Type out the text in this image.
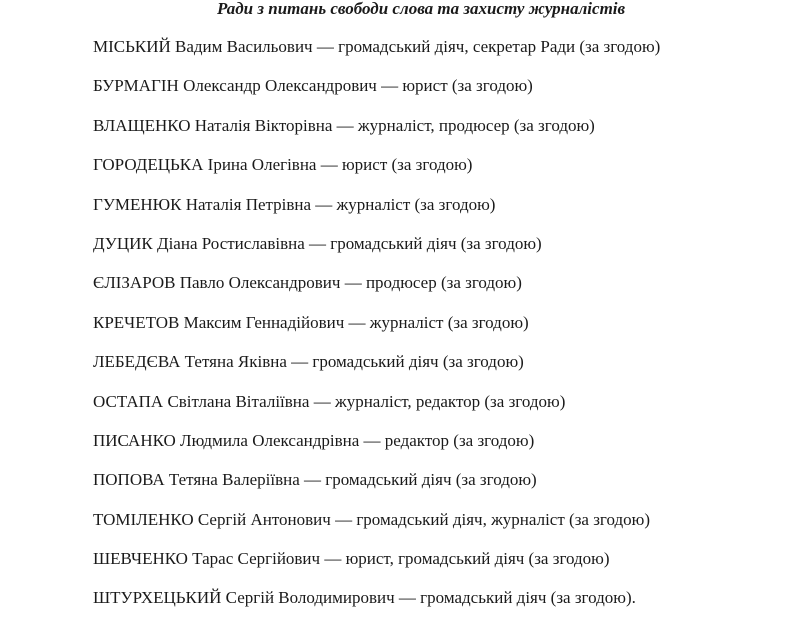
Ради з питань свободи слова та захисту журналістів

МІСЬКИЙ Вадим Васильович — громадський діяч, секретар Ради (за згодою)
БУРМАГІН Олександр Олександрович — юрист (за згодою)
ВЛАЩЕНКО Наталія Вікторівна — журналіст, продюсер (за згодою)
ГОРОДЕЦЬКА Ірина Олегівна — юрист (за згодою)
ГУМЕНЮК Наталія Петрівна — журналіст (за згодою)
ДУЦИК Діана Ростиславівна — громадський діяч (за згодою)
ЄЛІЗАРОВ Павло Олександрович — продюсер (за згодою)
КРЕЧЕТОВ Максим Геннадійович — журналіст (за згодою)
ЛЕБЕДЄВА Тетяна Яківна — громадський діяч (за згодою)
ОСТАПА Світлана Віталіївна — журналіст, редактор (за згодою)
ПИСАНКО Людмила Олександрівна — редактор (за згодою)
ПОПОВА Тетяна Валеріївна — громадський діяч (за згодою)
ТОМІЛЕНКО Сергій Антонович — громадський діяч, журналіст (за згодою)
ШЕВЧЕНКО Тарас Сергійович — юрист, громадський діяч (за згодою)
ШТУРХЕЦЬКИЙ Сергій Володимирович — громадський діяч (за згодою).
